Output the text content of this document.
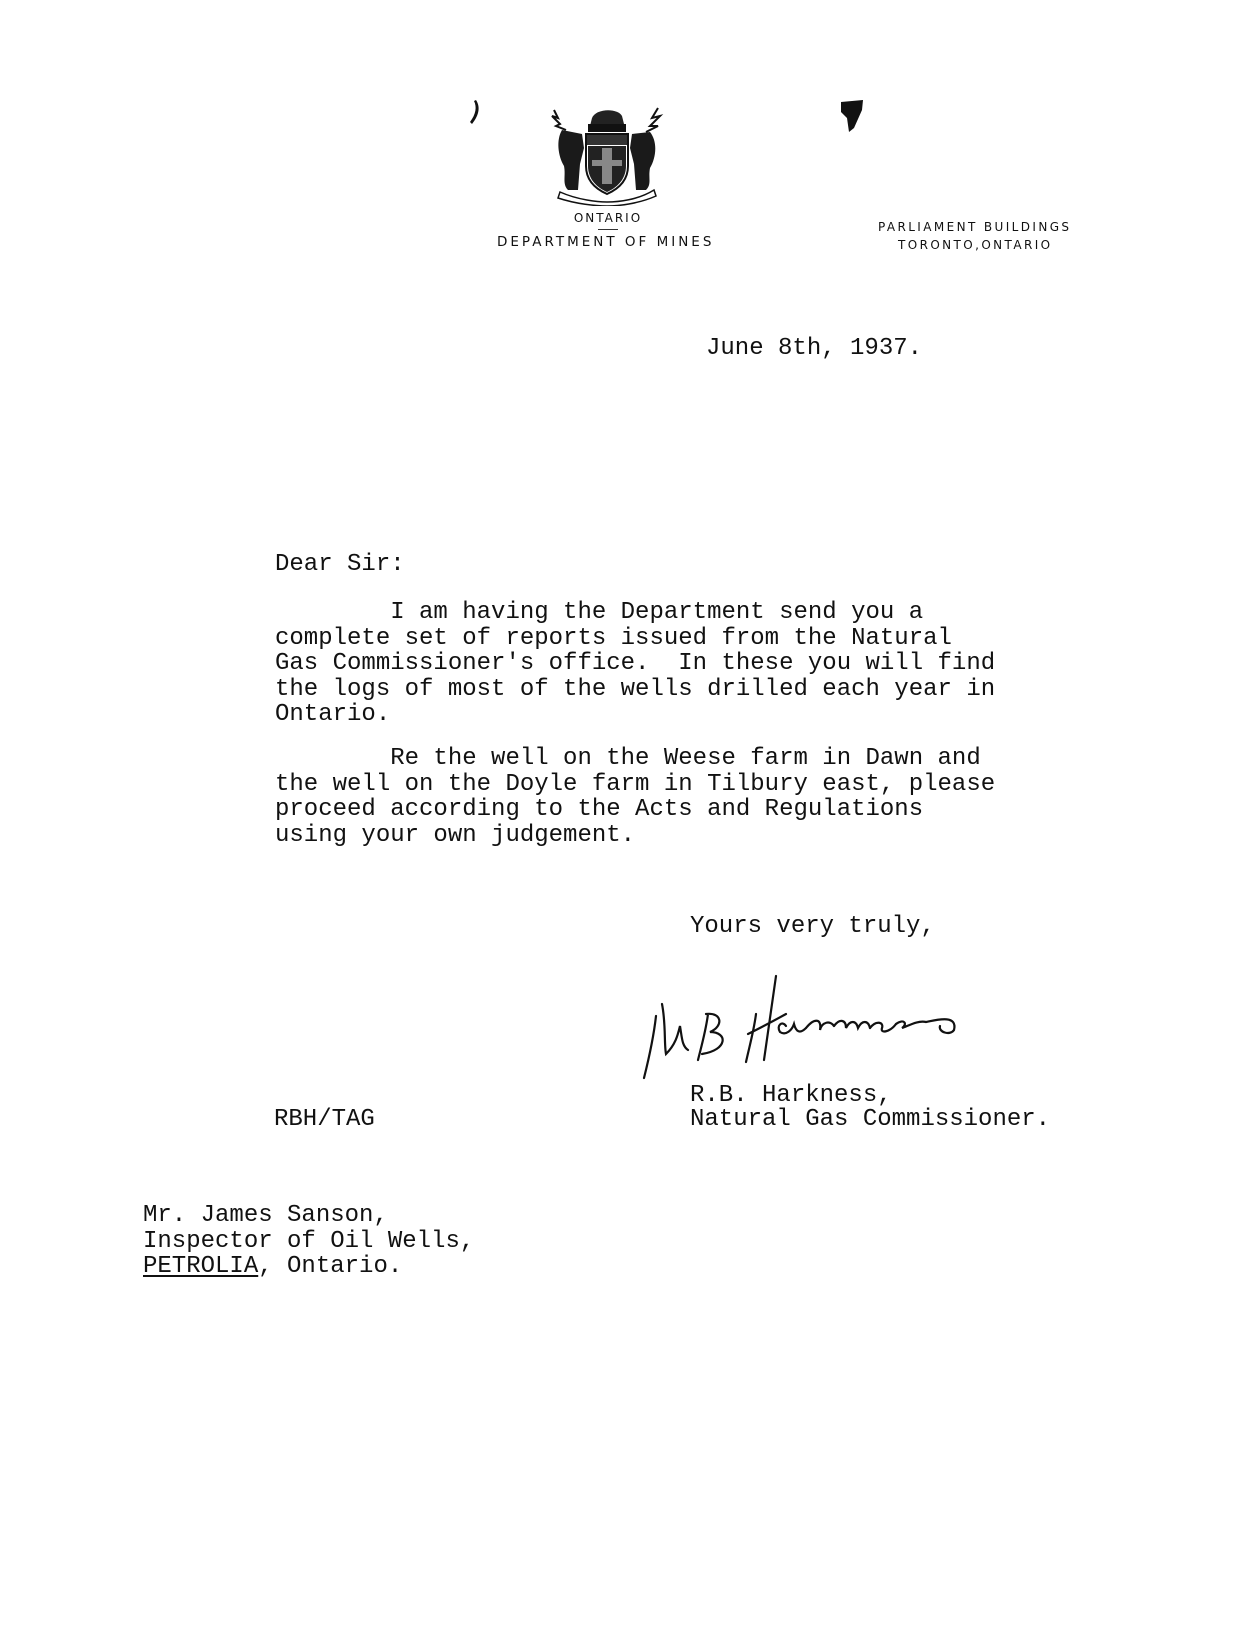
ONTARIO
DEPARTMENT OF MINES
PARLIAMENT BUILDINGS
TORONTO,ONTARIO
June 8th, 1937.
Dear Sir:
I am having the Department send you a
complete set of reports issued from the Natural
Gas Commissioner's office.  In these you will find
the logs of most of the wells drilled each year in
Ontario.
Re the well on the Weese farm in Dawn and
the well on the Doyle farm in Tilbury east, please
proceed according to the Acts and Regulations
using your own judgement.
Yours very truly,
R.B. Harkness,
Natural Gas Commissioner.
RBH/TAG
Mr. James Sanson,
Inspector of Oil Wells,
PETROLIA, Ontario.
